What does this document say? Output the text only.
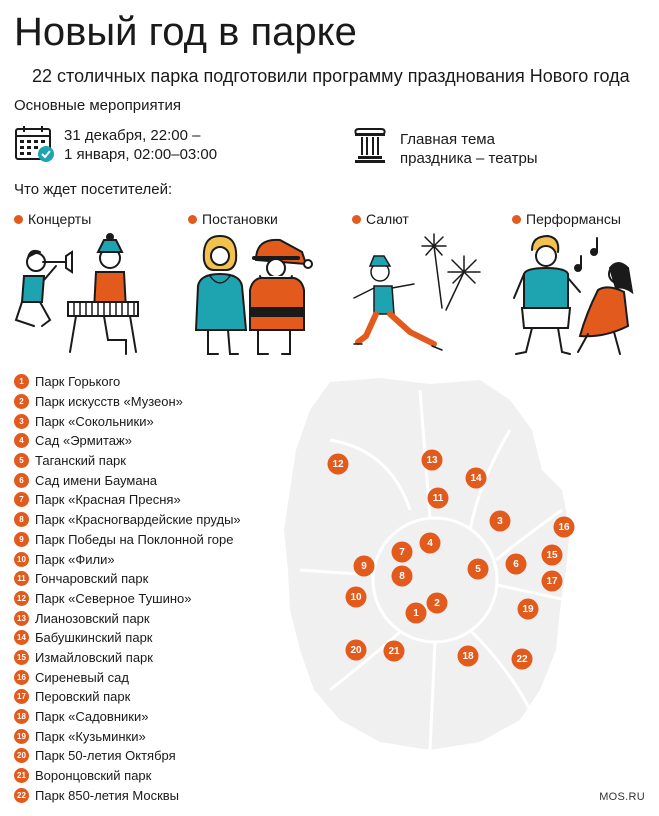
Новый год в парке
22 столичных парка подготовили программу празднования Нового года
Основные мероприятия
31 декабря, 22:00 –
1 января, 02:00–03:00
Главная тема
праздника – театры
Что ждет посетителей:
Концерты	Постановки	Салют	Перформансы
1 Парк Горького
2 Парк искусств «Музеон»
3 Парк «Сокольники»
4 Сад «Эрмитаж»
5 Таганский парк
6 Сад имени Баумана
7 Парк «Красная Пресня»
8 Парк «Красногвардейские пруды»
9 Парк Победы на Поклонной горе
10 Парк «Фили»
11 Гончаровский парк
12 Парк «Северное Тушино»
13 Лианозовский парк
14 Бабушкинский парк
15 Измайловский парк
16 Сиреневый сад
17 Перовский парк
18 Парк «Садовники»
19 Парк «Кузьминки»
20 Парк 50-летия Октября
21 Воронцовский парк
22 Парк 850-летия Москвы
1
2
3
4
5	6
7
8
9
10
11
12	13
14
15
16
17
18
19
20	21
22
MOS.RU
